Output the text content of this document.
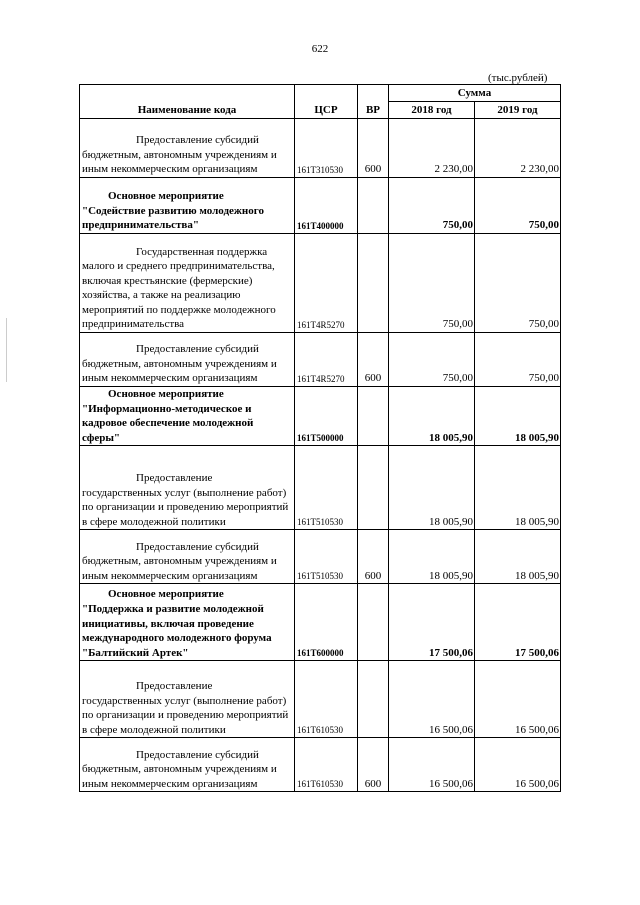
622
(тыс.рублей)
Наименование кода	ЦСР	ВР	Сумма	
			2018 год	2019 год
Предоставление субсидий
бюджетным, автономным учреждениям и иным некоммерческим организациям	161T310530	600	2 230,00	2 230,00
Основное мероприятие
"Содействие развитию молодежного предпринимательства"	161T400000		750,00	750,00
Государственная поддержка
малого и среднего предпринимательства, включая крестьянские (фермерские) хозяйства, а также на реализацию мероприятий по поддержке молодежного предпринимательства	161T4R5270		750,00	750,00
Предоставление субсидий
бюджетным, автономным учреждениям и иным некоммерческим организациям	161T4R5270	600	750,00	750,00
Основное мероприятие
"Информационно-методическое и кадровое обеспечение молодежной сферы"	161T500000		18 005,90	18 005,90
Предоставление
государственных услуг (выполнение работ) по организации и проведению мероприятий в сфере молодежной политики	161T510530		18 005,90	18 005,90
Предоставление субсидий
бюджетным, автономным учреждениям и иным некоммерческим организациям	161T510530	600	18 005,90	18 005,90
Основное мероприятие
"Поддержка и развитие молодежной инициативы, включая проведение международного молодежного форума "Балтийский Артек"	161T600000		17 500,06	17 500,06
Предоставление
государственных услуг (выполнение работ) по организации и проведению мероприятий в сфере молодежной политики	161T610530		16 500,06	16 500,06
Предоставление субсидий
бюджетным, автономным учреждениям и иным некоммерческим организациям	161T610530	600	16 500,06	16 500,06
